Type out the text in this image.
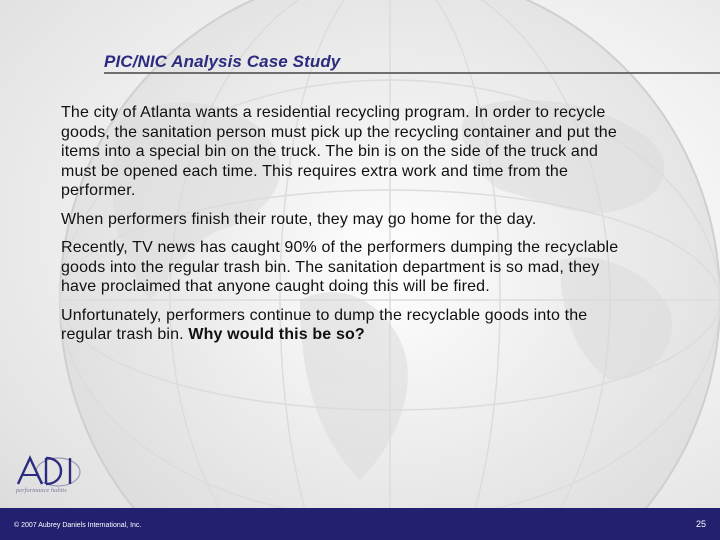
PIC/NIC Analysis Case Study

The city of Atlanta wants a residential recycling program. In order to recycle goods, the sanitation person must pick up the recycling container and put the items into a special bin on the truck. The bin is on the side of the truck and must be opened each time. This requires extra work and time from the performer.

When performers finish their route, they may go home for the day.

Recently, TV news has caught 90% of the performers dumping the recyclable goods into the regular trash bin. The sanitation department is so mad, they have proclaimed that anyone caught doing this will be fired.

Unfortunately, performers continue to dump the recyclable goods into the regular trash bin. Why would this be so?

performance habits
© 2007 Aubrey Daniels International, Inc.	25
